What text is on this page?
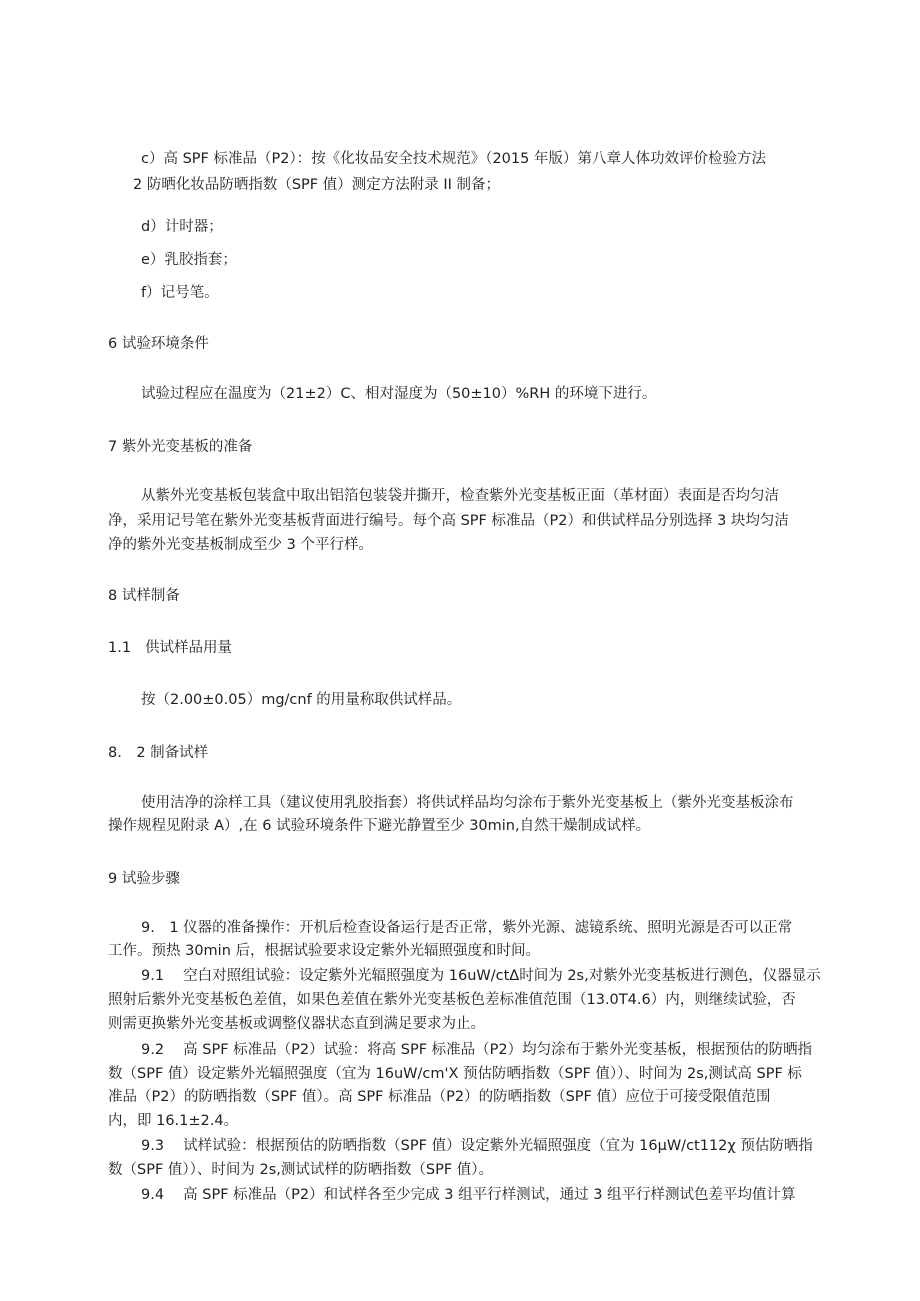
c）高 SPF 标准品（P2）：按《化妆品安全技术规范》（2015 年版）第八章人体功效评价检验方法
2 防晒化妆品防晒指数（SPF 值）测定方法附录 II 制备；
d）计时器；
e）乳胶指套；
f）记号笔。
6 试验环境条件
试验过程应在温度为（21±2）C、相对湿度为（50±10）%RH 的环境下进行。
7 紫外光变基板的准备
从紫外光变基板包装盒中取出铝箔包装袋并撕开，检查紫外光变基板正面（革材面）表面是否均匀洁
净，采用记号笔在紫外光变基板背面进行编号。每个高 SPF 标准品（P2）和供试样品分别选择 3 块均匀洁
净的紫外光变基板制成至少 3 个平行样。
8 试样制备
1.1 供试样品用量
按（2.00±0.05）mg/cnf 的用量称取供试样品。
8.　2 制备试样
使用洁净的涂样工具（建议使用乳胶指套）将供试样品均匀涂布于紫外光变基板上（紫外光变基板涂布
操作规程见附录 A）,在 6 试验环境条件下避光静置至少 30min,自然干燥制成试样。
9 试验步骤
9.　1 仪器的准备操作：开机后检查设备运行是否正常，紫外光源、滤镜系统、照明光源是否可以正常
工作。预热 30min 后，根据试验要求设定紫外光辐照强度和时间。
9.1　 空白对照组试验：设定紫外光辐照强度为 16uW∕ctΔ时间为 2s,对紫外光变基板进行测色，仪器显示
照射后紫外光变基板色差值，如果色差值在紫外光变基板色差标准值范围（13.0T4.6）内，则继续试验，否
则需更换紫外光变基板或调整仪器状态直到满足要求为止。
9.2　 高 SPF 标准品（P2）试验：将高 SPF 标准品（P2）均匀涂布于紫外光变基板，根据预估的防晒指
数（SPF 值）设定紫外光辐照强度（宜为 16uW/cm'X 预估防晒指数（SPF 值））、时间为 2s,测试高 SPF 标
准品（P2）的防晒指数（SPF 值）。高 SPF 标准品（P2）的防晒指数（SPF 值）应位于可接受限值范围
内，即 16.1±2.4。
9.3　 试样试验：根据预估的防晒指数（SPF 值）设定紫外光辐照强度（宜为 16μW∕ct112χ 预估防晒指
数（SPF 值））、时间为 2s,测试试样的防晒指数（SPF 值）。
9.4　 高 SPF 标准品（P2）和试样各至少完成 3 组平行样测试，通过 3 组平行样测试色差平均值计算
